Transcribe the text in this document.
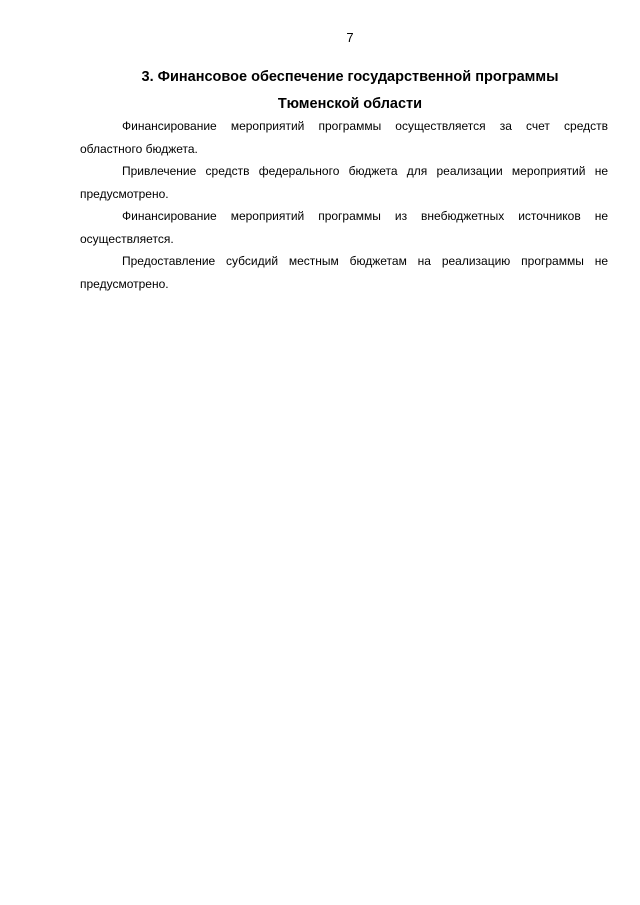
7
3. Финансовое обеспечение государственной программы
Тюменской области

Финансирование мероприятий программы осуществляется за счет средств областного бюджета.

Привлечение средств федерального бюджета для реализации мероприятий не предусмотрено.

Финансирование мероприятий программы из внебюджетных источников не осуществляется.

Предоставление субсидий местным бюджетам на реализацию программы не предусмотрено.
